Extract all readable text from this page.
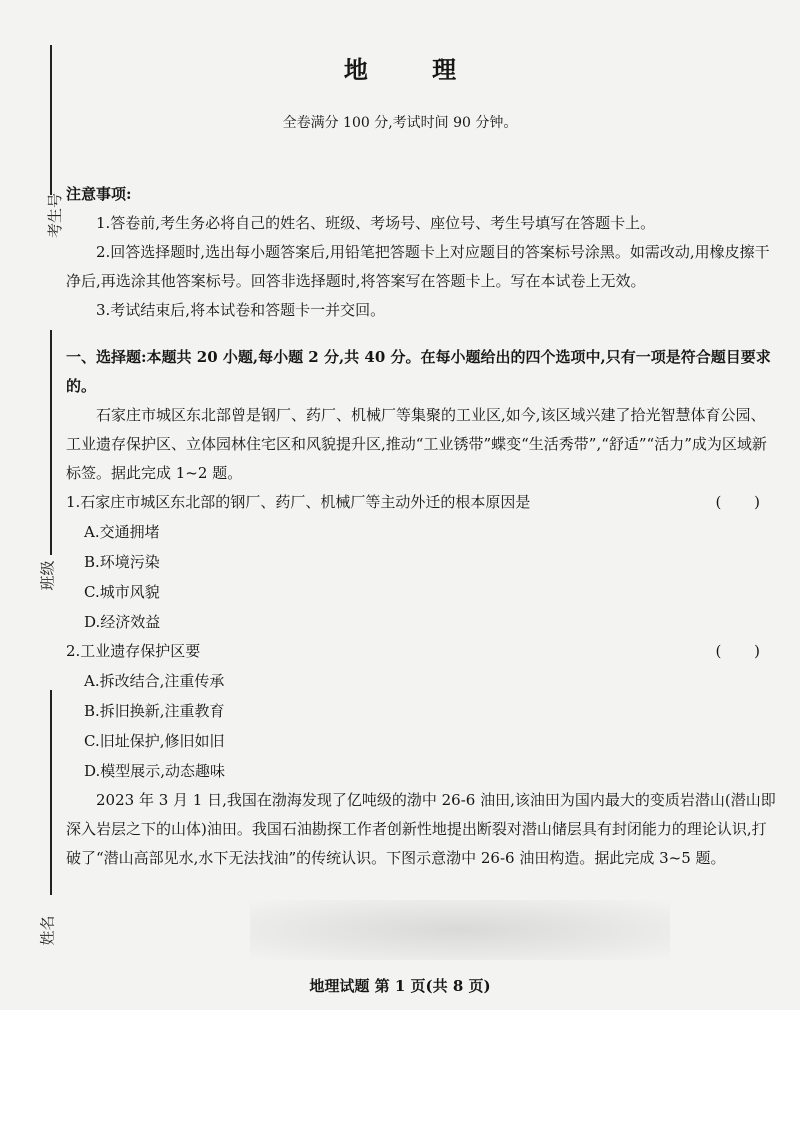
考生号
班级
姓名
地 理
全卷满分 100 分,考试时间 90 分钟。

注意事项:

1.答卷前,考生务必将自己的姓名、班级、考场号、座位号、考生号填写在答题卡上。

2.回答选择题时,选出每小题答案后,用铅笔把答题卡上对应题目的答案标号涂黑。如需改动,用橡皮擦干净后,再选涂其他答案标号。回答非选择题时,将答案写在答题卡上。写在本试卷上无效。

3.考试结束后,将本试卷和答题卡一并交回。

一、选择题:本题共 20 小题,每小题 2 分,共 40 分。在每小题给出的四个选项中,只有一项是符合题目要求的。

石家庄市城区东北部曾是钢厂、药厂、机械厂等集聚的工业区,如今,该区域兴建了拾光智慧体育公园、工业遗存保护区、立体园林住宅区和风貌提升区,推动“工业锈带”蝶变“生活秀带”,“舒适”“活力”成为区域新标签。据此完成 1~2 题。

1.石家庄市城区东北部的钢厂、药厂、机械厂等主动外迁的根本原因是	( )

A.交通拥堵

B.环境污染

C.城市风貌

D.经济效益

2.工业遗存保护区要	( )

A.拆改结合,注重传承

B.拆旧换新,注重教育

C.旧址保护,修旧如旧

D.模型展示,动态趣味

2023 年 3 月 1 日,我国在渤海发现了亿吨级的渤中 26-6 油田,该油田为国内最大的变质岩潜山(潜山即深入岩层之下的山体)油田。我国石油勘探工作者创新性地提出断裂对潜山储层具有封闭能力的理论认识,打破了“潜山高部见水,水下无法找油”的传统认识。下图示意渤中 26-6 油田构造。据此完成 3~5 题。

地理试题 第 1 页(共 8 页)
